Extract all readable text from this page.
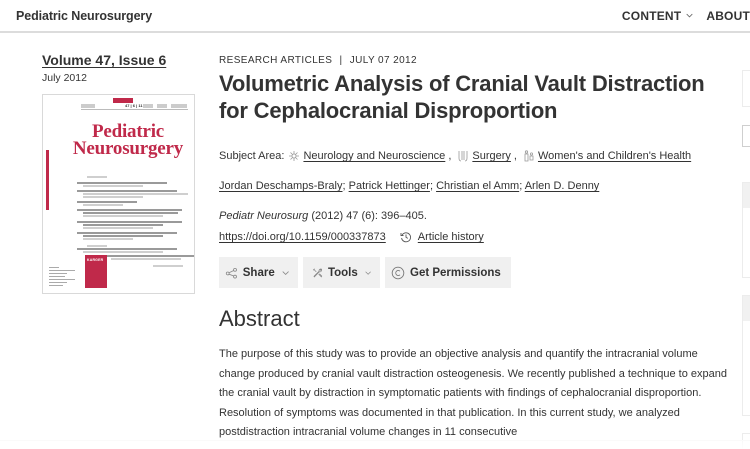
Pediatric Neurosurgery	CONTENT ABOUT
Volume 47, Issue 6
July 2012
47 | 6 | 11
Pediatric
Neurosurgery
KARGER
RESEARCH ARTICLES | JULY 07 2012
Volumetric Analysis of Cranial Vault Distraction for Cephalocranial Disproportion
Subject Area: Neurology and Neuroscience , Surgery , Women's and Children's Health
Jordan Deschamps-Braly; Patrick Hettinger; Christian el Amm; Arlen D. Denny
Pediatr Neurosurg (2012) 47 (6): 396–405.
https://doi.org/10.1159/000337873	Article history
Share	Tools	Get Permissions
Abstract

The purpose of this study was to provide an objective analysis and quantify the intracranial volume change produced by cranial vault distraction osteogenesis. We recently published a technique to expand the cranial vault by distraction in symptomatic patients with findings of cephalocranial disproportion. Resolution of symptoms was documented in that publication. In this current study, we analyzed postdistraction intracranial volume changes in 11 consecutive
